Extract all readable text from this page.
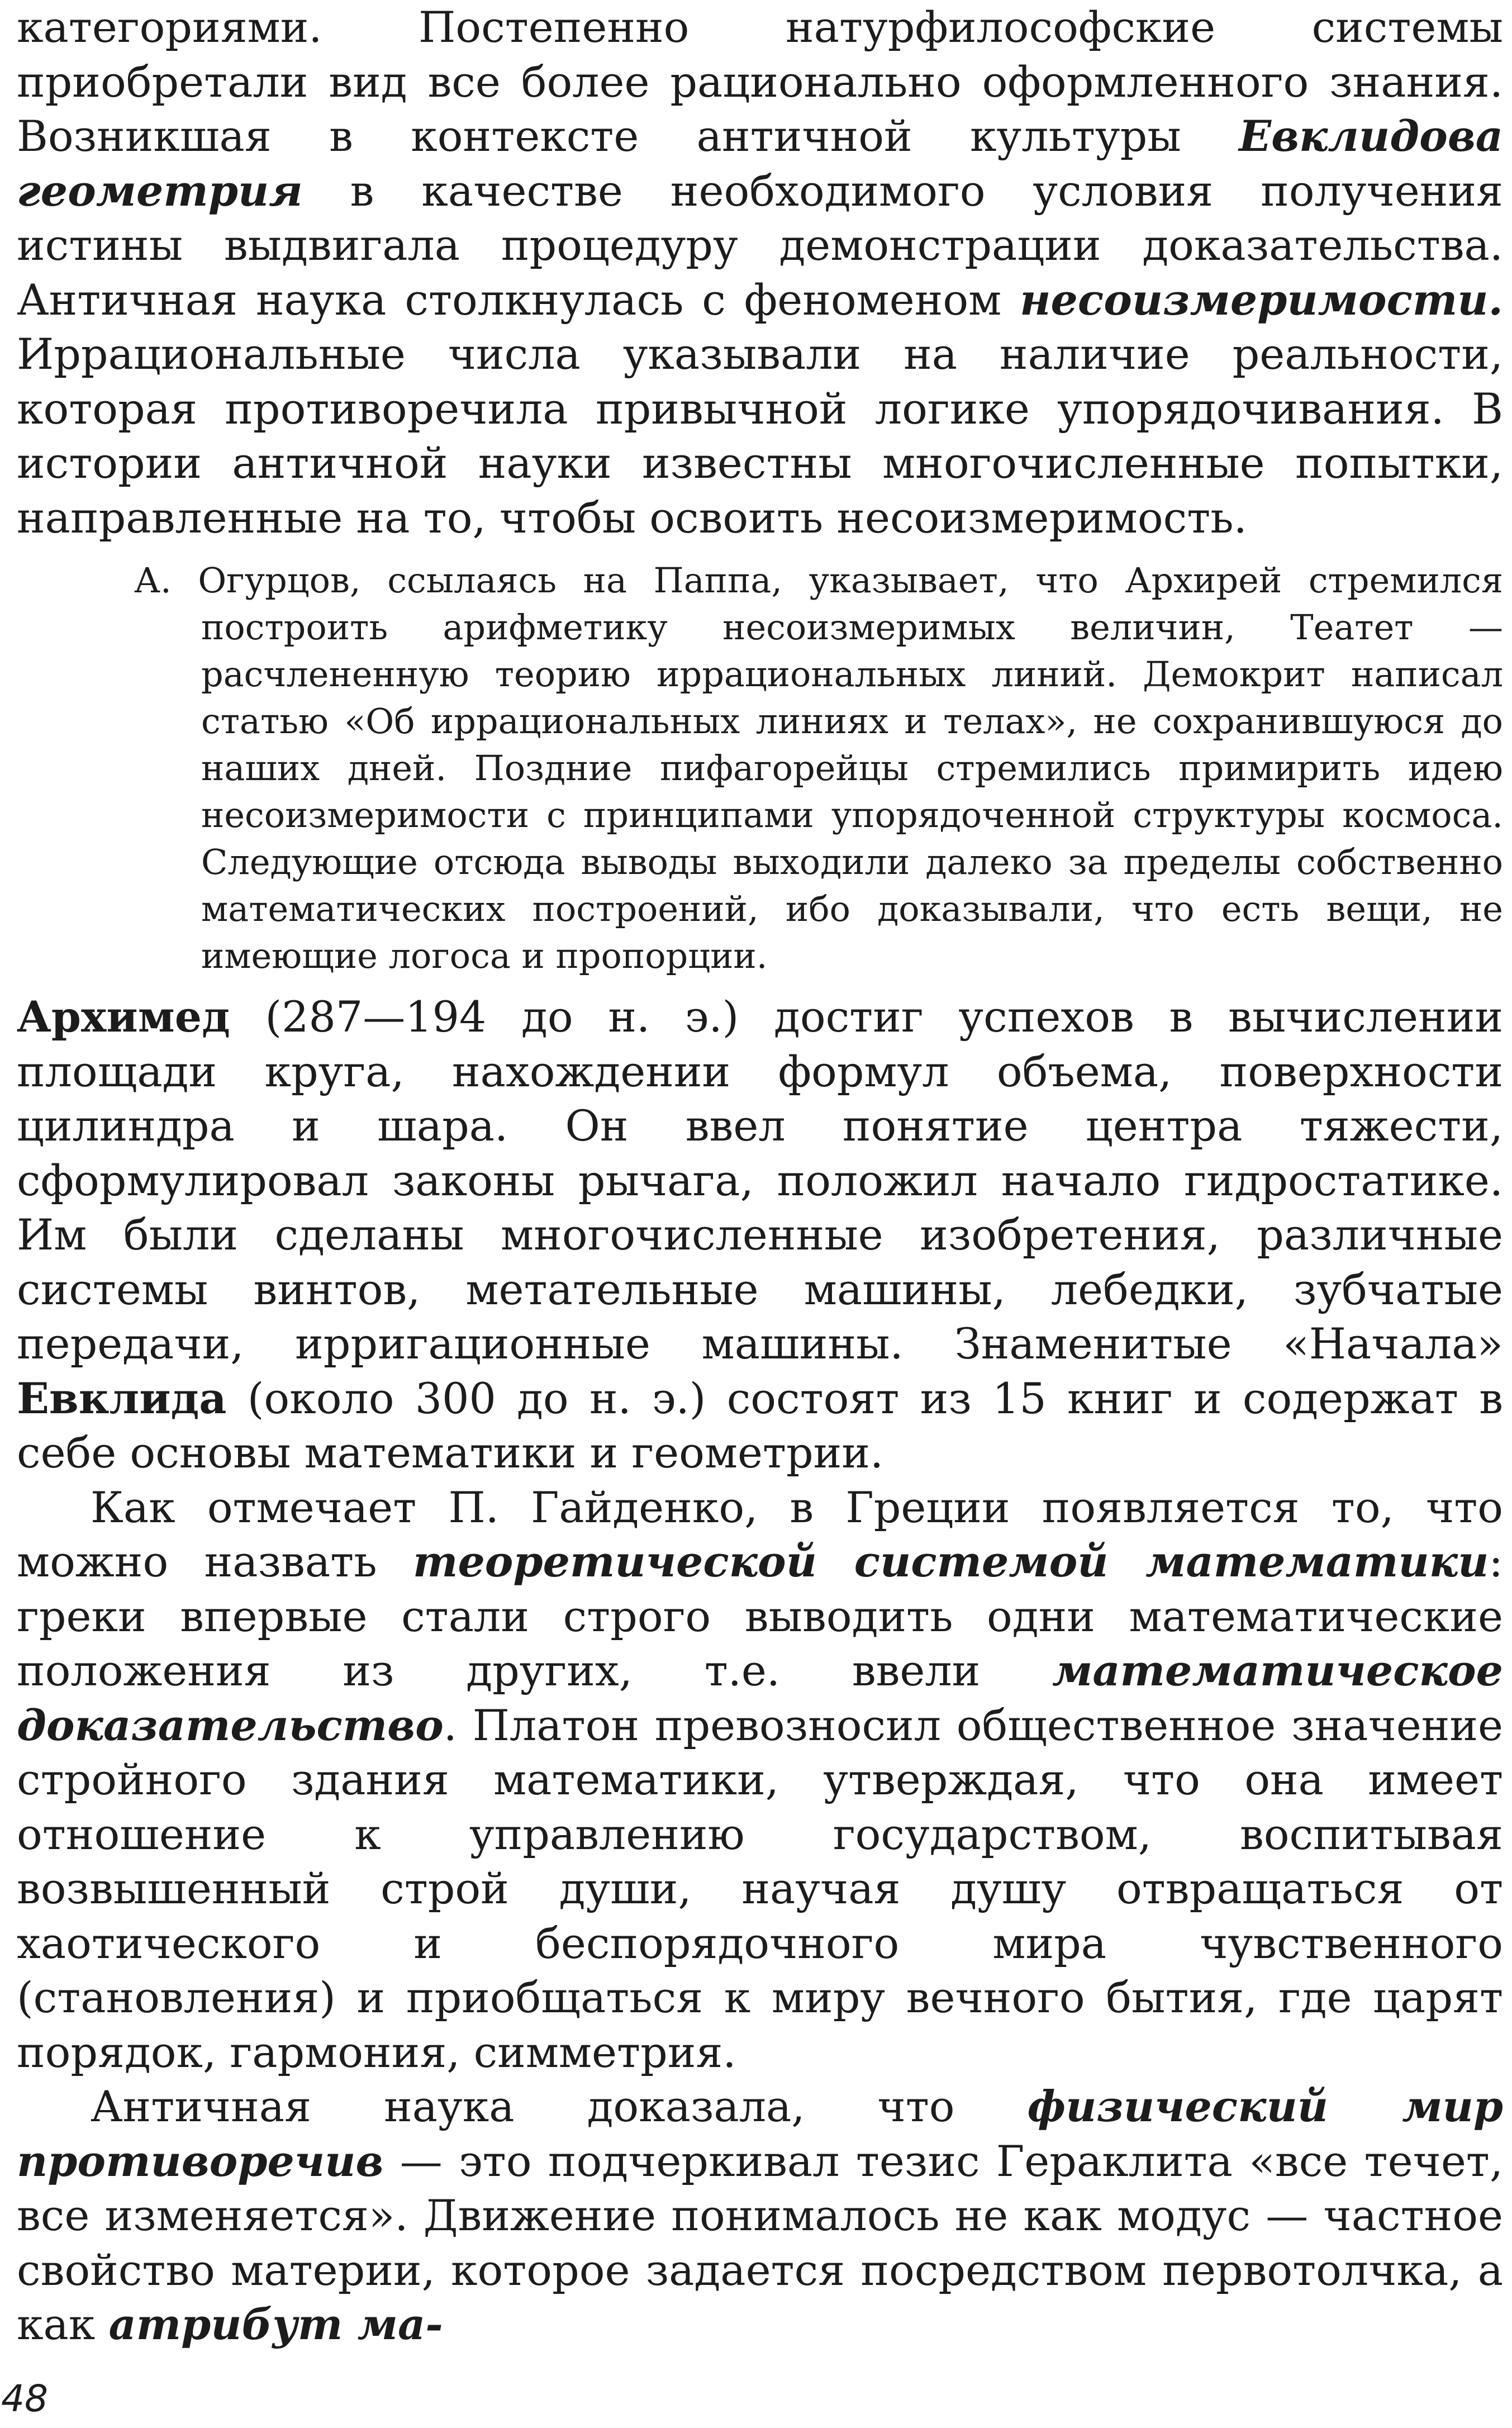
категориями. Постепенно натурфилософские системы приобретали вид все более рационально оформленного знания. Возникшая в контексте античной культуры Евклидова геометрия в качестве необходимого условия получения истины выдвигала процедуру демонстрации доказательства. Античная наука столкнулась с феноменом несоизмеримости. Иррациональные числа указывали на наличие реальности, которая противоречила привычной логике упорядочивания. В истории античной науки известны многочисленные попытки, направленные на то, чтобы освоить несоизмеримость.

А. Огурцов, ссылаясь на Паппа, указывает, что Архирей стремился построить арифметику несоизмеримых величин, Театет — расчлененную теорию иррациональных линий. Демокрит написал статью «Об иррациональных линиях и телах», не сохранившуюся до наших дней. Поздние пифагорейцы стремились примирить идею несоизмеримости с принципами упорядоченной структуры космоса. Следующие отсюда выводы выходили далеко за пределы собственно математических построений, ибо доказывали, что есть вещи, не имеющие логоса и пропорции.

Архимед (287—194 до н. э.) достиг успехов в вычислении площади круга, нахождении формул объема, поверхности цилиндра и шара. Он ввел понятие центра тяжести, сформулировал законы рычага, положил начало гидростатике. Им были сделаны многочисленные изобретения, различные системы винтов, метательные машины, лебедки, зубчатые передачи, ирригационные машины. Знаменитые «Начала» Евклида (около 300 до н. э.) состоят из 15 книг и содержат в себе основы математики и геометрии.

Как отмечает П. Гайденко, в Греции появляется то, что можно назвать теоретической системой математики: греки впервые стали строго выводить одни математические положения из других, т.е. ввели математическое доказательство. Платон превозносил общественное значение стройного здания математики, утверждая, что она имеет отношение к управлению государством, воспитывая возвышенный строй души, научая душу отвращаться от хаотического и беспорядочного мира чувственного (становления) и приобщаться к миру вечного бытия, где царят порядок, гармония, симметрия.

Античная наука доказала, что физический мир противоречив — это подчеркивал тезис Гераклита «все течет, все изменяется». Движение понималось не как модус — частное свойство материи, которое задается посредством первотолчка, а как атрибут ма-

48
